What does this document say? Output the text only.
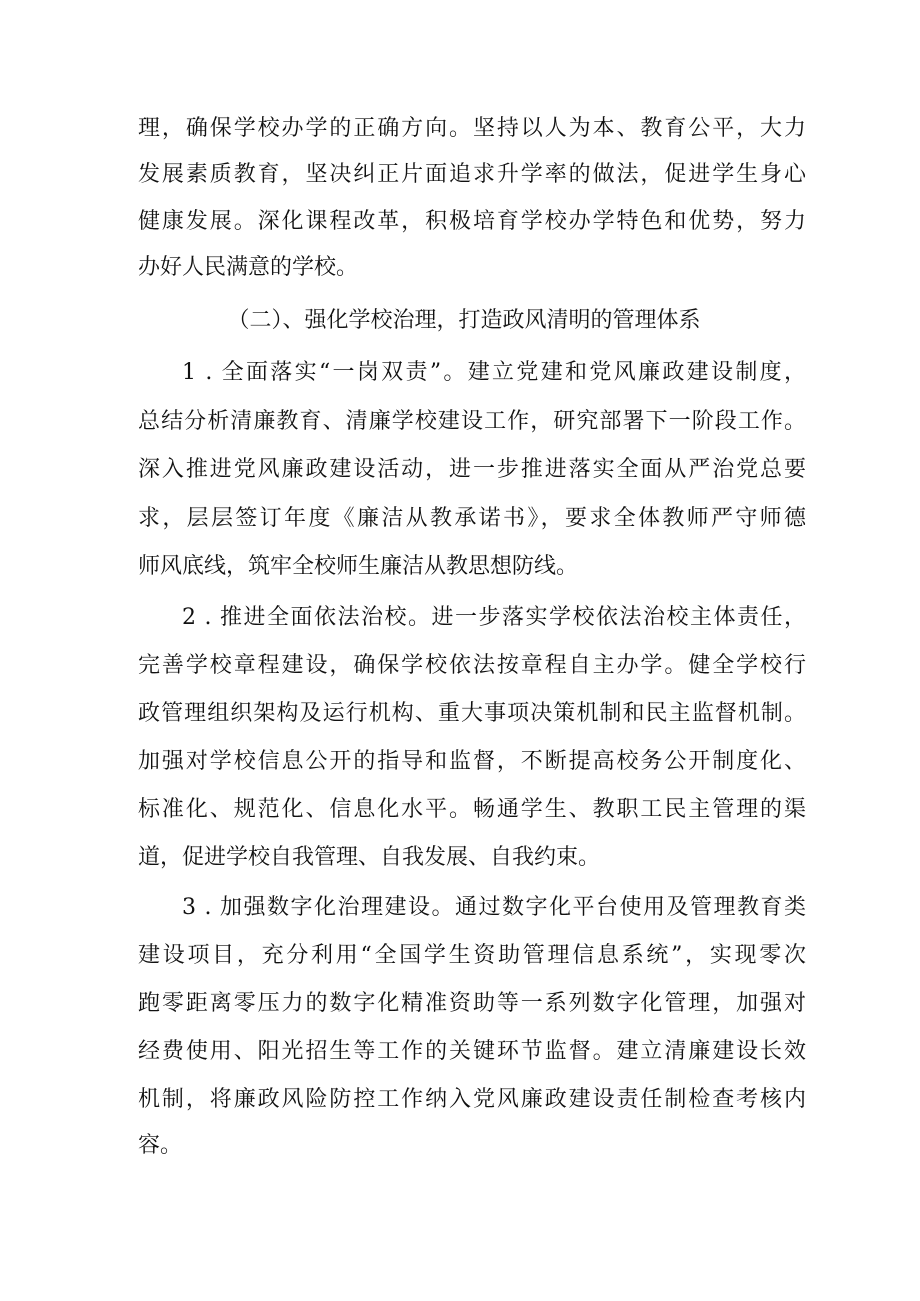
理，确保学校办学的正确方向。坚持以人为本、教育公平，大力
发展素质教育，坚决纠正片面追求升学率的做法，促进学生身心
健康发展。深化课程改革，积极培育学校办学特色和优势，努力
办好人民满意的学校。
（二）、强化学校治理，打造政风清明的管理体系
1 . 全面落实“一岗双责”。建立党建和党风廉政建设制度，
总结分析清廉教育、清廉学校建设工作，研究部署下一阶段工作。
深入推进党风廉政建设活动，进一步推进落实全面从严治党总要
求，层层签订年度《廉洁从教承诺书》，要求全体教师严守师德
师风底线，筑牢全校师生廉洁从教思想防线。
2 . 推进全面依法治校。进一步落实学校依法治校主体责任，
完善学校章程建设，确保学校依法按章程自主办学。健全学校行
政管理组织架构及运行机构、重大事项决策机制和民主监督机制。
加强对学校信息公开的指导和监督，不断提高校务公开制度化、
标准化、规范化、信息化水平。畅通学生、教职工民主管理的渠
道，促进学校自我管理、自我发展、自我约束。
3 . 加强数字化治理建设。通过数字化平台使用及管理教育类
建设项目，充分利用“全国学生资助管理信息系统”，实现零次
跑零距离零压力的数字化精准资助等一系列数字化管理，加强对
经费使用、阳光招生等工作的关键环节监督。建立清廉建设长效
机制，将廉政风险防控工作纳入党风廉政建设责任制检查考核内
容。
